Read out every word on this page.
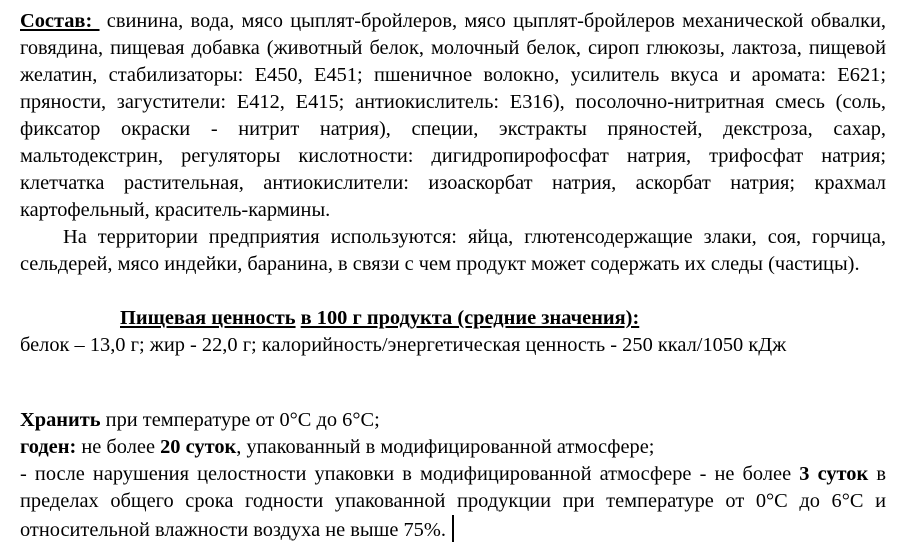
Состав:  свинина, вода, мясо цыплят-бройлеров, мясо цыплят-бройлеров механической обвалки, говядина, пищевая добавка (животный белок, молочный белок, сироп глюкозы, лактоза, пищевой желатин, стабилизаторы: Е450, Е451; пшеничное волокно, усилитель вкуса и аромата: Е621; пряности, загустители: Е412, Е415; антиокислитель: Е316), посолочно-нитритная смесь (соль, фиксатор окраски - нитрит натрия), специи, экстракты пряностей, декстроза, сахар, мальтодекстрин, регуляторы кислотности: дигидропирофосфат натрия, трифосфат натрия; клетчатка растительная, антиокислители: изоаскорбат натрия, аскорбат натрия; крахмал картофельный, краситель-кармины.

На территории предприятия используются: яйца, глютенсодержащие злаки, соя, горчица, сельдерей, мясо индейки, баранина, в связи с чем продукт может содержать их следы (частицы).

Пищевая ценность в 100 г продукта (средние значения):

белок – 13,0 г; жир - 22,0 г; калорийность/энергетическая ценность - 250 ккал/1050 кДж

Хранить при температуре от 0°С до 6°С;

годен: не более 20 суток, упакованный в модифицированной атмосфере;

- после нарушения целостности упаковки в модифицированной атмосфере - не более 3 суток в пределах общего срока годности упакованной продукции при температуре от 0°С до 6°С и относительной влажности воздуха не выше 75%.
